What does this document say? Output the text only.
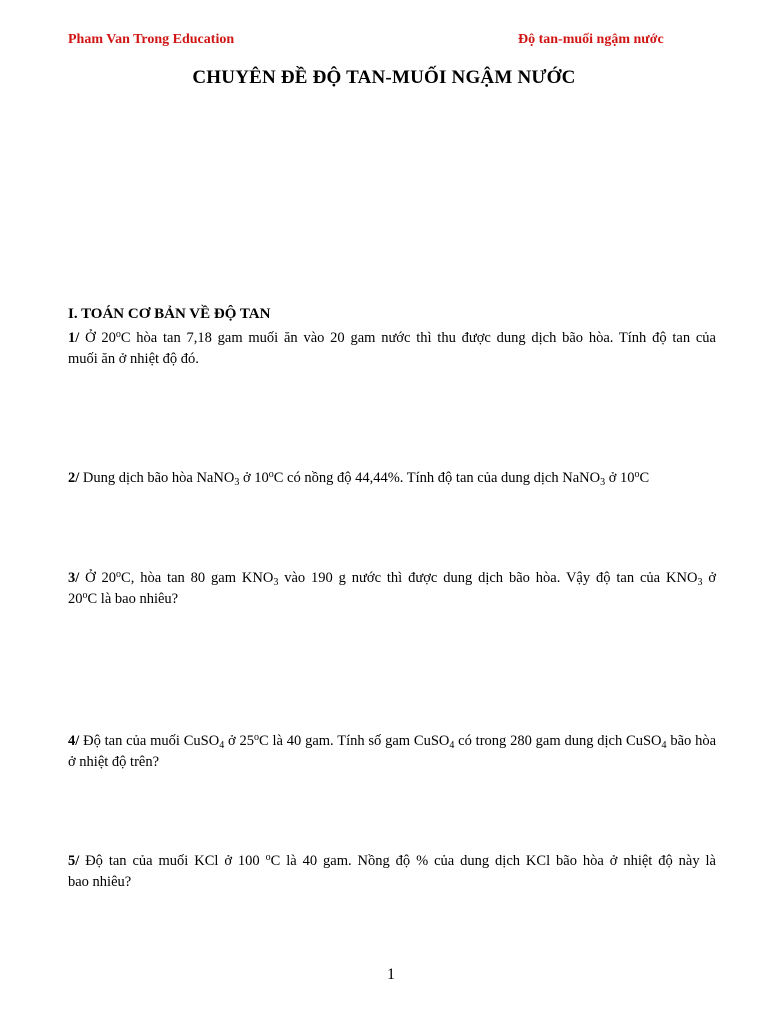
Pham Van Trong Education	Độ tan-muối ngậm nước
CHUYÊN ĐỀ ĐỘ TAN-MUỐI NGẬM NƯỚC
I. TOÁN CƠ BẢN VỀ ĐỘ TAN
1/ Ở 20$^o$C hòa tan 7,18 gam muối ăn vào 20 gam nước thì thu được dung dịch bão hòa. Tính độ tan của
muối ăn ở nhiệt độ đó.
2/ Dung dịch bão hòa NaNO$_3$ ở 10$^o$C có nồng độ 44,44%. Tính độ tan của dung dịch NaNO$_3$ ở 10$^o$C
3/ Ở 20$^o$C, hòa tan 80 gam $KNO_3$ vào 190 g nước thì được dung dịch bão hòa. Vậy độ tan của $KNO_3$ ở
20$^o$C là bao nhiêu?
4/ Độ tan của muối CuSO$_4$ ở 25$^o$C là 40 gam. Tính số gam CuSO$_4$ có trong 280 gam dung dịch CuSO$_4$ bão hòa
ở nhiệt độ trên?
5/ Độ tan của muối KCl ở 100 $^o$C là 40 gam. Nồng độ % của dung dịch KCl bão hòa ở nhiệt độ này là
bao nhiêu?
1
